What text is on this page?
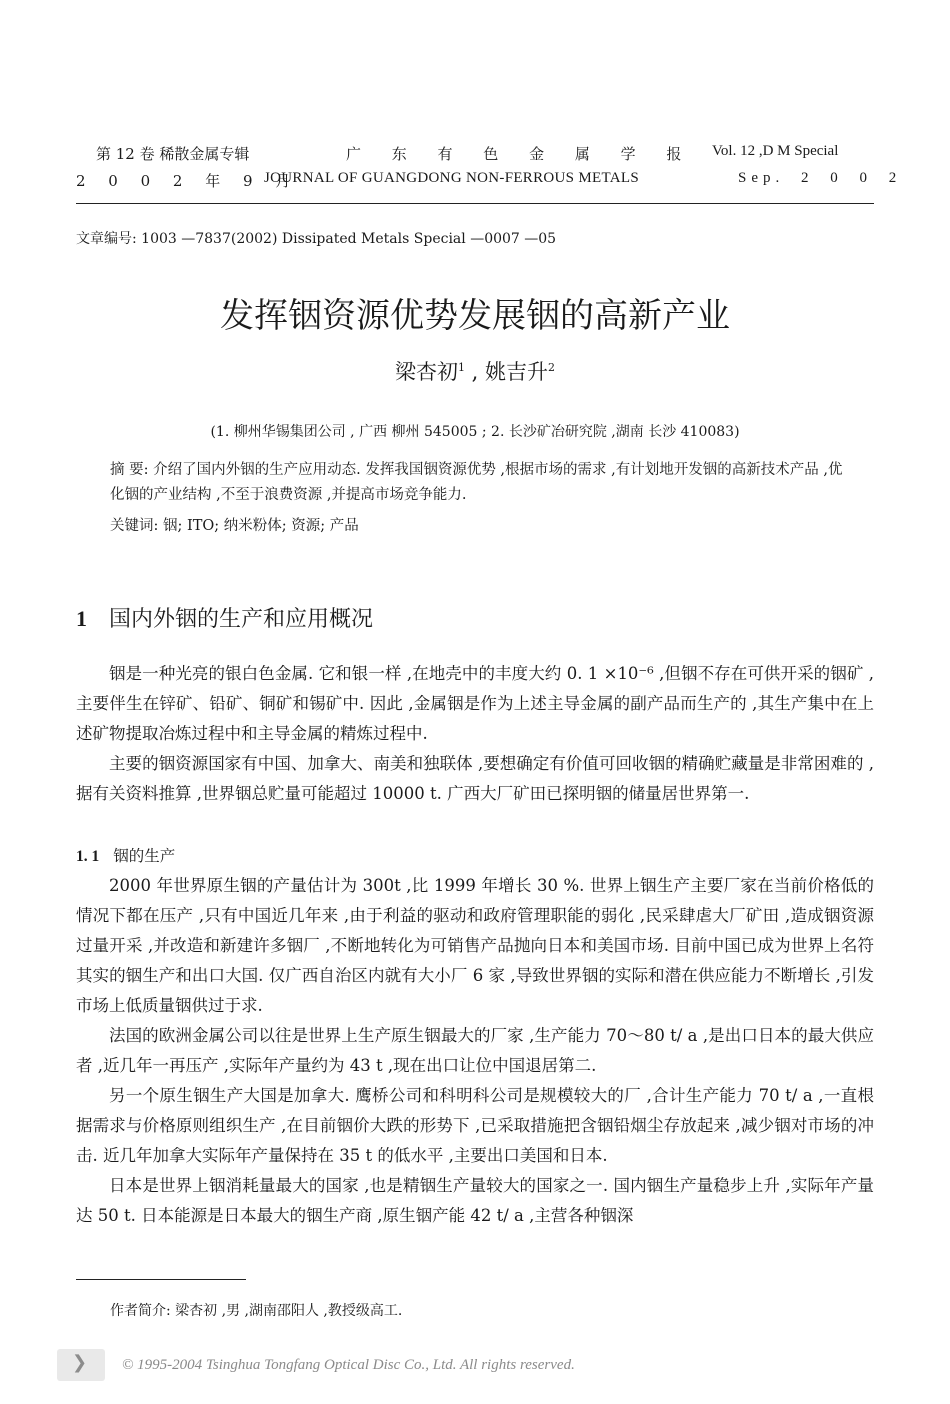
第 12 卷 稀散金属专辑	广 东 有 色 金 属 学 报 Vol. 12 ,D M Special
2 0 0 2 年 9 月
JOURNAL OF GUANGDONG NON-FERROUS METALS	Sep. 2 0 0 2
文章编号: 1003 —7837(2002) Dissipated Metals Special —0007 —05
发挥铟资源优势发展铟的高新产业
梁杏初$^1$ , 姚吉升$^2$
(1. 柳州华锡集团公司 , 广西 柳州 545005 ; 2. 长沙矿冶研究院 ,湖南 长沙 410083)
摘 要: 介绍了国内外铟的生产应用动态. 发挥我国铟资源优势 ,根据市场的需求 ,有计划地开发铟的高新技术产品 ,优化铟的产业结构 ,不至于浪费资源 ,并提高市场竞争能力.
关键词: 铟; ITO; 纳米粉体; 资源; 产品
1 国内外铟的生产和应用概况

铟是一种光亮的银白色金属. 它和银一样 ,在地壳中的丰度大约 0. 1 ×10⁻⁶ ,但铟不存在可供开采的铟矿 ,主要伴生在锌矿、铅矿、铜矿和锡矿中. 因此 ,金属铟是作为上述主导金属的副产品而生产的 ,其生产集中在上述矿物提取冶炼过程中和主导金属的精炼过程中.

主要的铟资源国家有中国、加拿大、南美和独联体 ,要想确定有价值可回收铟的精确贮藏量是非常困难的 ,据有关资料推算 ,世界铟总贮量可能超过 10000 t. 广西大厂矿田已探明铟的储量居世界第一.

1. 1 铟的生产

2000 年世界原生铟的产量估计为 300t ,比 1999 年增长 30 %. 世界上铟生产主要厂家在当前价格低的情况下都在压产 ,只有中国近几年来 ,由于利益的驱动和政府管理职能的弱化 ,民采肆虐大厂矿田 ,造成铟资源过量开采 ,并改造和新建许多铟厂 ,不断地转化为可销售产品抛向日本和美国市场. 目前中国已成为世界上名符其实的铟生产和出口大国. 仅广西自治区内就有大小厂 6 家 ,导致世界铟的实际和潜在供应能力不断增长 ,引发市场上低质量铟供过于求.

法国的欧洲金属公司以往是世界上生产原生铟最大的厂家 ,生产能力 70～80 t/ a ,是出口日本的最大供应者 ,近几年一再压产 ,实际年产量约为 43 t ,现在出口让位中国退居第二.

另一个原生铟生产大国是加拿大. 鹰桥公司和科明科公司是规模较大的厂 ,合计生产能力 70 t/ a ,一直根据需求与价格原则组织生产 ,在目前铟价大跌的形势下 ,已采取措施把含铟铅烟尘存放起来 ,减少铟对市场的冲击. 近几年加拿大实际年产量保持在 35 t 的低水平 ,主要出口美国和日本.

日本是世界上铟消耗量最大的国家 ,也是精铟生产量较大的国家之一. 国内铟生产量稳步上升 ,实际年产量达 50 t. 日本能源是日本最大的铟生产商 ,原生铟产能 42 t/ a ,主营各种铟深

作者简介: 梁杏初 ,男 ,湖南邵阳人 ,教授级高工.
❯ © 1995-2004 Tsinghua Tongfang Optical Disc Co., Ltd. All rights reserved.
